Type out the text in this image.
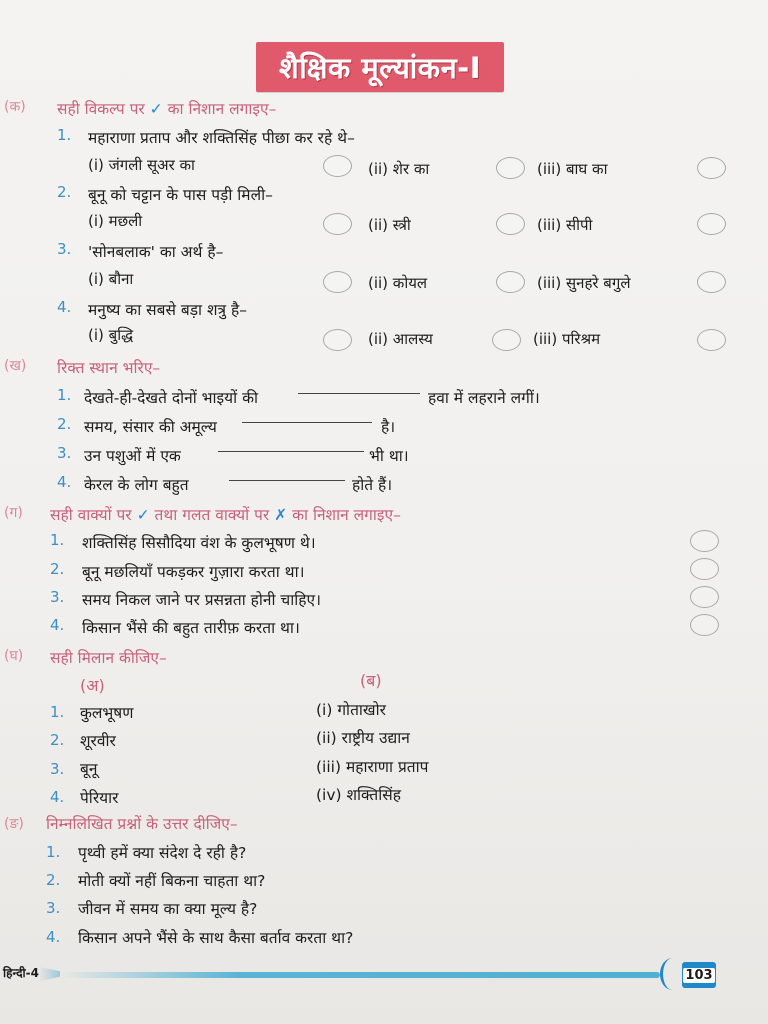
शैक्षिक मूल्यांकन-I
(क) सही विकल्प पर ✓ का निशान लगाइए–
1. महाराणा प्रताप और शक्तिसिंह पीछा कर रहे थे–
(i) जंगली सूअर का	(ii) शेर का	(iii) बाघ का
2. बूनू को चट्टान के पास पड़ी मिली–
(i) मछली	(ii) स्त्री	(iii) सीपी
3. 'सोनबलाक' का अर्थ है–
(i) बौना	(ii) कोयल	(iii) सुनहरे बगुले
4. मनुष्य का सबसे बड़ा शत्रु है–
(i) बुद्धि	(ii) आलस्य	(iii) परिश्रम
(ख) रिक्त स्थान भरिए–
1. देखते-ही-देखते दोनों भाइयों की	हवा में लहराने लगीं।
2. समय, संसार की अमूल्य	है।
3. उन पशुओं में एक	भी था।
4. केरल के लोग बहुत	होते हैं।
(ग) सही वाक्यों पर ✓ तथा गलत वाक्यों पर ✗ का निशान लगाइए–
1. शक्तिसिंह सिसौदिया वंश के कुलभूषण थे।
2. बूनू मछलियाँ पकड़कर गुज़ारा करता था।
3. समय निकल जाने पर प्रसन्नता होनी चाहिए।
4. किसान भैंसे की बहुत तारीफ़ करता था।
(घ) सही मिलान कीजिए–
(अ)	(ब)
1. कुलभूषण	(i) गोताखोर
2. शूरवीर	(ii) राष्ट्रीय उद्यान
3. बूनू	(iii) महाराणा प्रताप
4. पेरियार	(iv) शक्तिसिंह
(ङ) निम्नलिखित प्रश्नों के उत्तर दीजिए–
1. पृथ्वी हमें क्या संदेश दे रही है?
2. मोती क्यों नहीं बिकना चाहता था?
3. जीवन में समय का क्या मूल्य है?
4. किसान अपने भैंसे के साथ कैसा बर्ताव करता था?
हिन्दी-4	103
